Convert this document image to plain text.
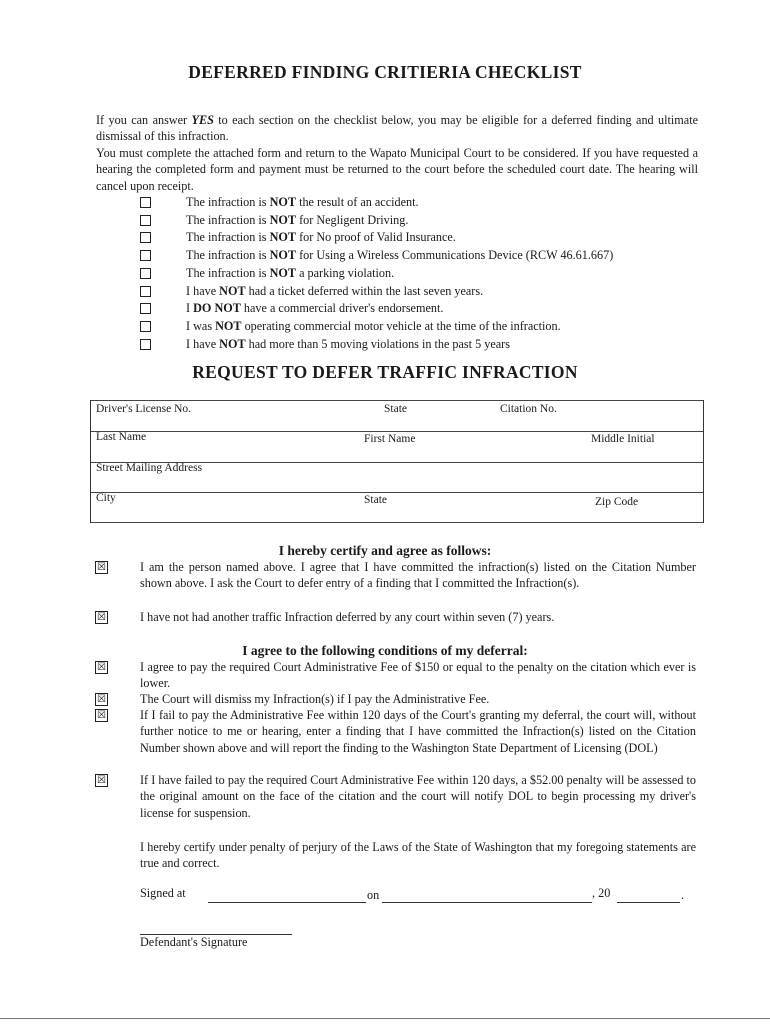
DEFERRED FINDING CRITIERIA CHECKLIST
If you can answer YES to each section on the checklist below, you may be eligible for a deferred finding and ultimate dismissal of this infraction.
You must complete the attached form and return to the Wapato Municipal Court to be considered. If you have requested a hearing the completed form and payment must be returned to the court before the scheduled court date. The hearing will cancel upon receipt.
The infraction is NOT the result of an accident.
The infraction is NOT for Negligent Driving.
The infraction is NOT for No proof of Valid Insurance.
The infraction is NOT for Using a Wireless Communications Device (RCW 46.61.667)
The infraction is NOT a parking violation.
I have NOT had a ticket deferred within the last seven years.
I DO NOT have a commercial driver's endorsement.
I was NOT operating commercial motor vehicle at the time of the infraction.
I have NOT had more than 5 moving violations in the past 5 years
REQUEST TO DEFER TRAFFIC INFRACTION
Driver's License No.	State	Citation No.
Last Name	First Name	Middle Initial
Street Mailing Address
City	State	Zip Code
I hereby certify and agree as follows:
☒	I am the person named above. I agree that I have committed the infraction(s) listed on the Citation Number shown above. I ask the Court to defer entry of a finding that I committed the Infraction(s).
☒	I have not had another traffic Infraction deferred by any court within seven (7) years.
I agree to the following conditions of my deferral:
☒	I agree to pay the required Court Administrative Fee of $150 or equal to the penalty on the citation which ever is lower.
☒	The Court will dismiss my Infraction(s) if I pay the Administrative Fee.
☒	If I fail to pay the Administrative Fee within 120 days of the Court's granting my deferral, the court will, without further notice to me or hearing, enter a finding that I have committed the Infraction(s) listed on the Citation Number shown above and will report the finding to the Washington State Department of Licensing (DOL)
☒	If I have failed to pay the required Court Administrative Fee within 120 days, a $52.00 penalty will be assessed to the original amount on the face of the citation and the court will notify DOL to begin processing my driver's license for suspension.
I hereby certify under penalty of perjury of the Laws of the State of Washington that my foregoing statements are true and correct.
Signed at	on	, 20	.
Defendant's Signature
